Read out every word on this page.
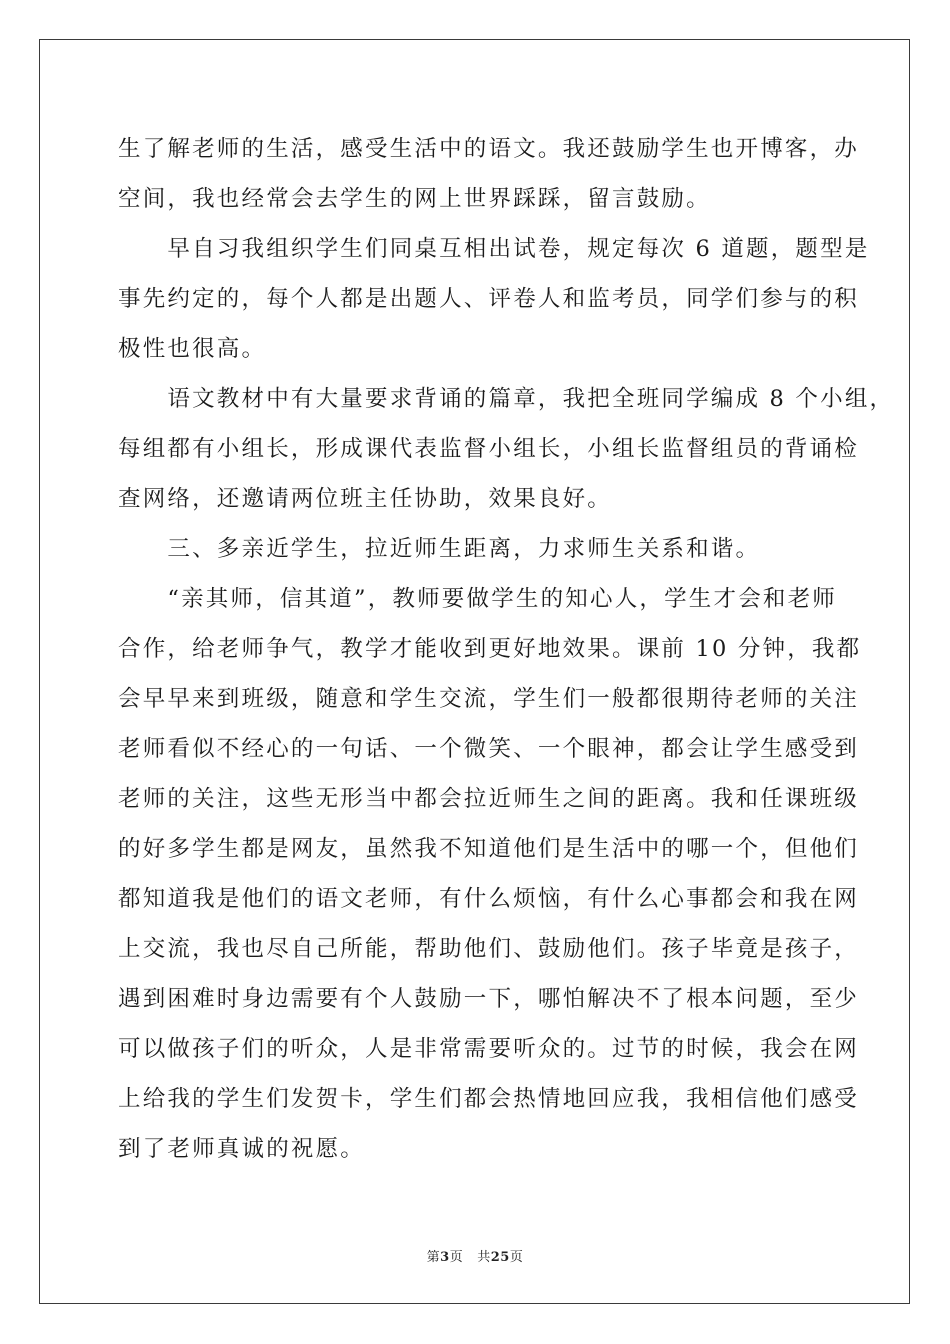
生了解老师的生活，感受生活中的语文。我还鼓励学生也开博客，办
空间，我也经常会去学生的网上世界踩踩，留言鼓励。
　　早自习我组织学生们同桌互相出试卷，规定每次 6 道题，题型是
事先约定的，每个人都是出题人、评卷人和监考员，同学们参与的积
极性也很高。
　　语文教材中有大量要求背诵的篇章，我把全班同学编成 8 个小组，
每组都有小组长，形成课代表监督小组长，小组长监督组员的背诵检
查网络，还邀请两位班主任协助，效果良好。
　　三、多亲近学生，拉近师生距离，力求师生关系和谐。
　　“亲其师，信其道”，教师要做学生的知心人，学生才会和老师
合作，给老师争气，教学才能收到更好地效果。课前 10 分钟，我都
会早早来到班级，随意和学生交流，学生们一般都很期待老师的关注
老师看似不经心的一句话、一个微笑、一个眼神，都会让学生感受到
老师的关注，这些无形当中都会拉近师生之间的距离。我和任课班级
的好多学生都是网友，虽然我不知道他们是生活中的哪一个，但他们
都知道我是他们的语文老师，有什么烦恼，有什么心事都会和我在网
上交流，我也尽自己所能，帮助他们、鼓励他们。孩子毕竟是孩子，
遇到困难时身边需要有个人鼓励一下，哪怕解决不了根本问题，至少
可以做孩子们的听众，人是非常需要听众的。过节的时候，我会在网
上给我的学生们发贺卡，学生们都会热情地回应我，我相信他们感受
到了老师真诚的祝愿。
第3页 共25页
